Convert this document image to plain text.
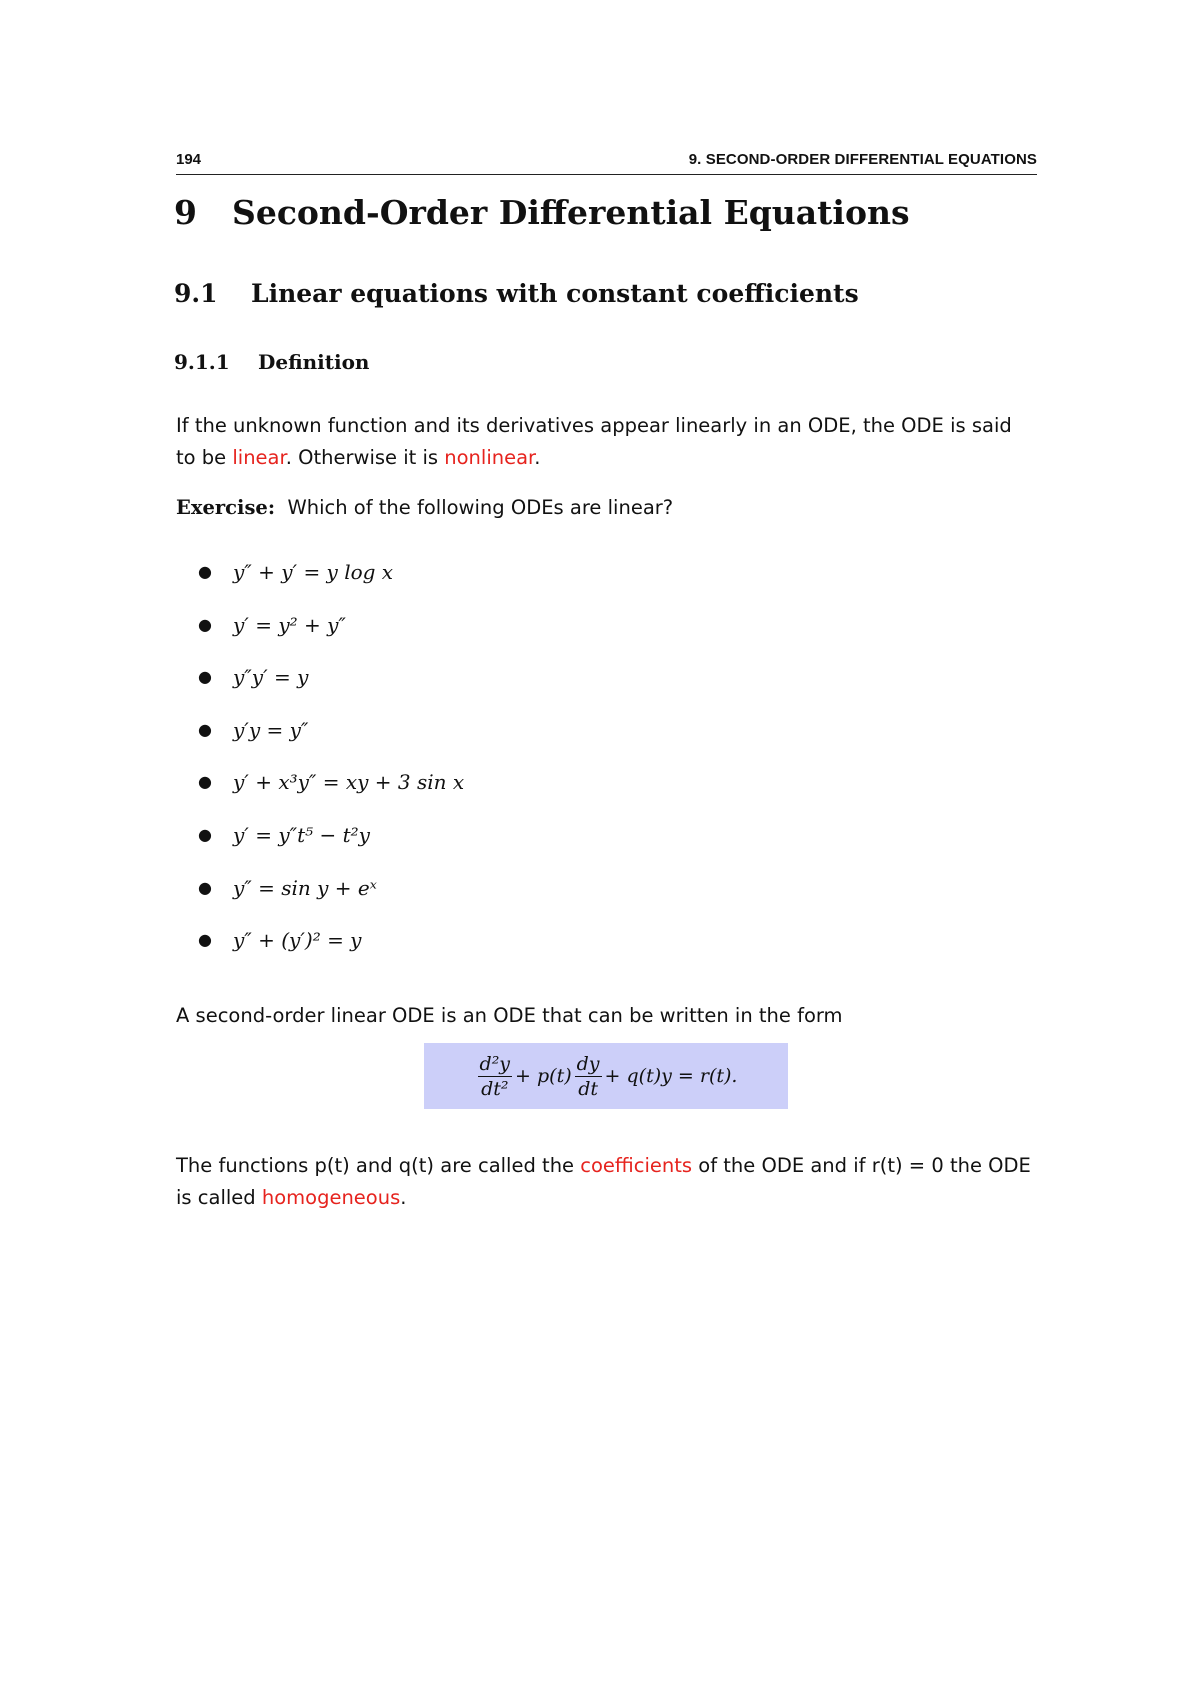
194	9. SECOND-ORDER DIFFERENTIAL EQUATIONS
9 Second-Order Differential Equations
9.1 Linear equations with constant coefficients
9.1.1 Definition
If the unknown function and its derivatives appear linearly in an ODE, the ODE is said to be linear. Otherwise it is nonlinear.
Exercise: Which of the following ODEs are linear?
● y″ + y′ = y log x
● y′ = y² + y″
● y″y′ = y
● y′y = y″
● y′ + x³y″ = xy + 3 sin x
● y′ = y″t⁵ − t²y
● y″ = sin y + eˣ
● y″ + (y′)² = y
A second-order linear ODE is an ODE that can be written in the form
$\frac{\text{d²y}}{\text{dt²}} + p(t) \frac{dy}{dt} + q(t)y = r(t)$.
The functions p(t) and q(t) are called the coefficients of the ODE and if r(t) = 0 the ODE is called homogeneous.
